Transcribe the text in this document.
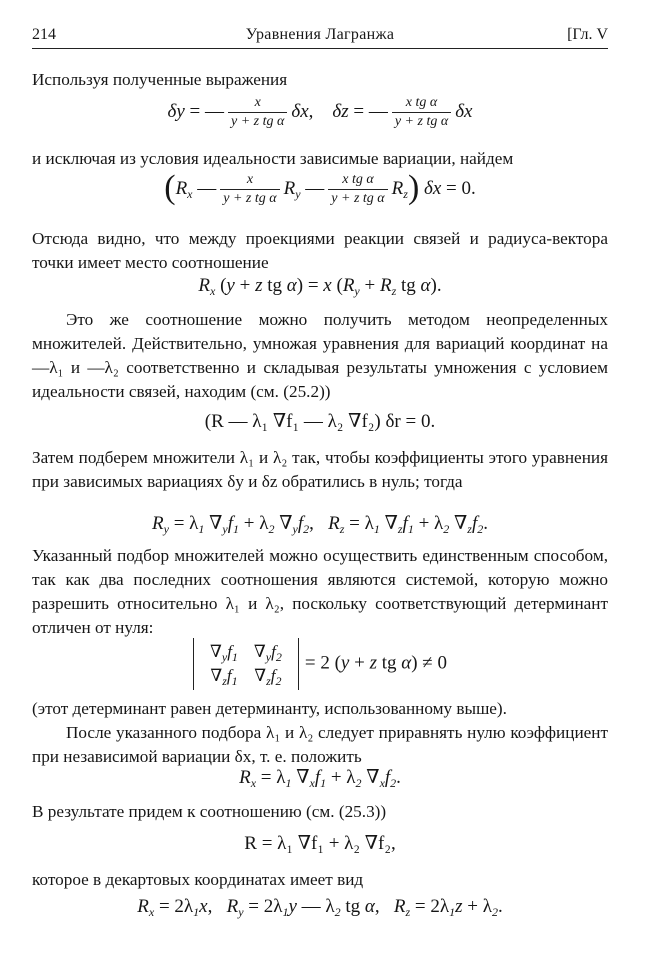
214	Уравнения Лагранжа	[Гл. V

Используя полученные выражения

δy = — $\frac{x}{\text{y + z tg α}} \delta x$,    δz = — $\frac{\text{x tg α}}{\text{y + z tg α}}$ δx

и исключая из условия идеальности зависимые вариации, найдем

($R_x$ — $\frac{x}{\text{y + z tg α}} R_y$ — $\frac{\text{x tg α}}{\text{y + z tg α}} R_z$) δx = 0.

Отсюда видно, что между проекциями реакции связей и радиуса-вектора точки имеет место соотношение

$R_x$ (y + z tg α) = x ($R_y + R_z$ tg α).

Это же соотношение можно получить методом неопределенных множителей. Действительно, умножая уравнения для вариаций координат на —λ₁ и —λ₂ соответственно и складывая результаты умножения с условием идеальности связей, находим (см. (25.2))

(R — λ₁ ∇f₁ — λ₂ ∇f₂) δr = 0.

Затем подберем множители λ₁ и λ₂ так, чтобы коэффициенты этого уравнения при зависимых вариациях δy и δz обратились в нуль; тогда

$R_y = \lambda_1$ $\nabla_yf_1 + \lambda_2$ $\nabla_yf_2$,   $R_z = \lambda_1$ $\nabla_zf_1 + \lambda_2$ $\nabla_zf_2$.

Указанный подбор множителей можно осуществить единственным способом, так как два последних соотношения являются системой, которую можно разрешить относительно λ₁ и λ₂, поскольку соответствующий детерминант отличен от нуля:

$\nabla_yf_1$	$\nabla_yf_2$
$\nabla_zf_1$	$\nabla_zf_2$
= 2 (y + z tg α) ≠ 0

(этот детерминант равен детерминанту, использованному выше).

После указанного подбора λ₁ и λ₂ следует приравнять нулю коэффициент при независимой вариации δx, т. е. положить

$R_x = \lambda_1$ $\nabla_xf_1 + \lambda_2$ $\nabla_xf_2$.

В результате придем к соотношению (см. (25.3))

R = λ₁ ∇f₁ + λ₂ ∇f₂,

которое в декартовых координатах имеет вид

$R_x = 2\lambda_1x$,   $R_y = 2\lambda_1y$ — $\lambda_2$ tg α,   $R_z = 2\lambda_1z + \lambda_2$.
